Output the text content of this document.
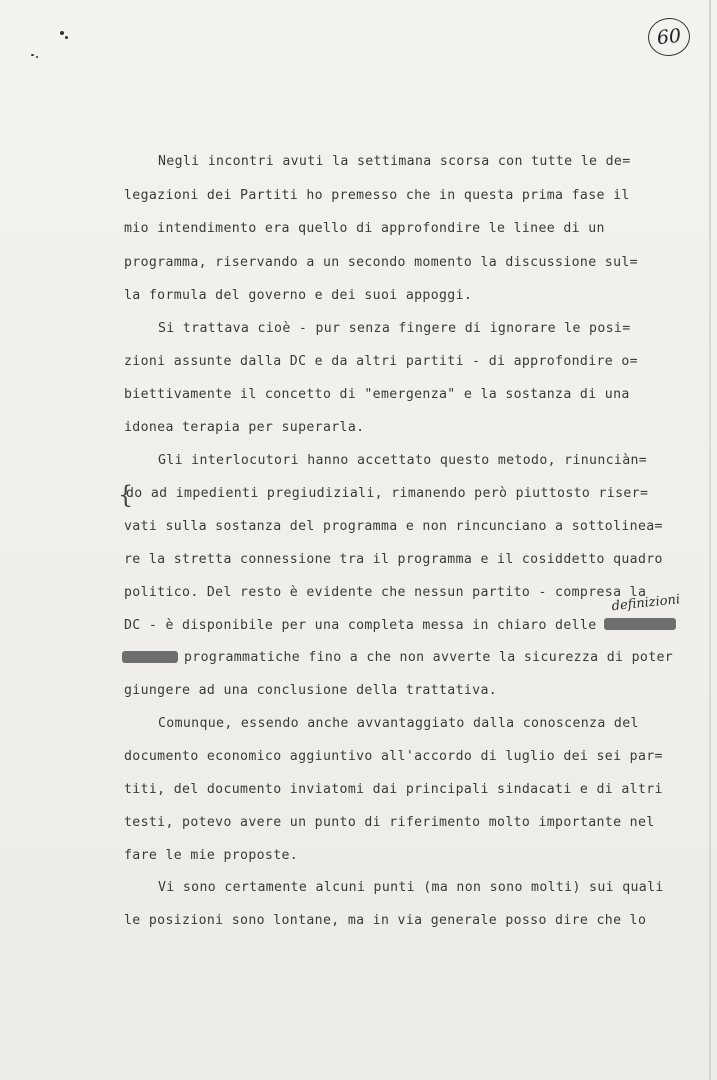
60
Negli incontri avuti la settimana scorsa con tutte le de=
legazioni dei Partiti ho premesso che in questa prima fase il
mio intendimento era quello di approfondire le linee di un
programma, riservando a un secondo momento la discussione sul=
la formula del governo e dei suoi appoggi.
Si trattava cioè - pur senza fingere di ignorare le posi=
zioni assunte dalla DC e da altri partiti - di approfondire o=
biettivamente il concetto di "emergenza" e la sostanza di una
idonea terapia per superarla.
Gli interlocutori hanno accettato questo metodo, rinunciàn=
{
do ad impedienti pregiudiziali, rimanendo però piuttosto riser=
vati sulla sostanza del programma e non rincunciano a sottolinea=
re la stretta connessione tra il programma e il cosiddetto quadro
politico. Del resto è evidente che nessun partito - compresa la
DC - è disponibile per una completa messa in chiaro delle
definizioni
programmatiche fino a che non avverte la sicurezza di poter
giungere ad una conclusione della trattativa.
Comunque, essendo anche avvantaggiato dalla conoscenza del
documento economico aggiuntivo all'accordo di luglio dei sei par=
titi, del documento inviatomi dai principali sindacati e di altri
testi, potevo avere un punto di riferimento molto importante nel
fare le mie proposte.
Vi sono certamente alcuni punti (ma non sono molti) sui quali
le posizioni sono lontane, ma in via generale posso dire che lo
